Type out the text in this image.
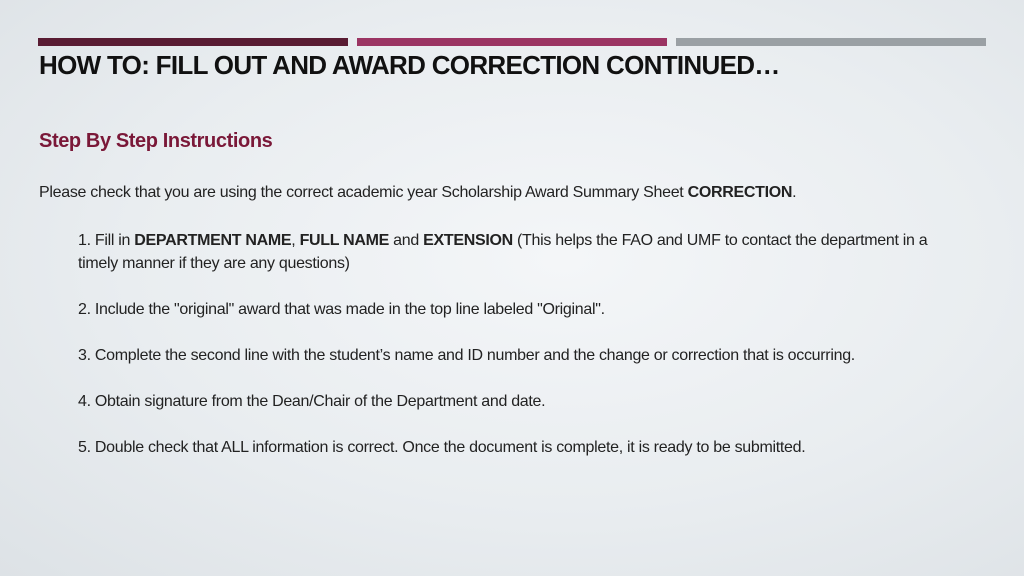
HOW TO: FILL OUT AND AWARD CORRECTION CONTINUED…
Step By Step Instructions

Please check that you are using the correct academic year Scholarship Award Summary Sheet CORRECTION.

1. Fill in DEPARTMENT NAME, FULL NAME and EXTENSION (This helps the FAO and UMF to contact the department in a timely manner if they are any questions)
2. Include the "original" award that was made in the top line labeled "Original".
3. Complete the second line with the student’s name and ID number and the change or correction that is occurring.
4. Obtain signature from the Dean/Chair of the Department and date.
5. Double check that ALL information is correct. Once the document is complete, it is ready to be submitted.
